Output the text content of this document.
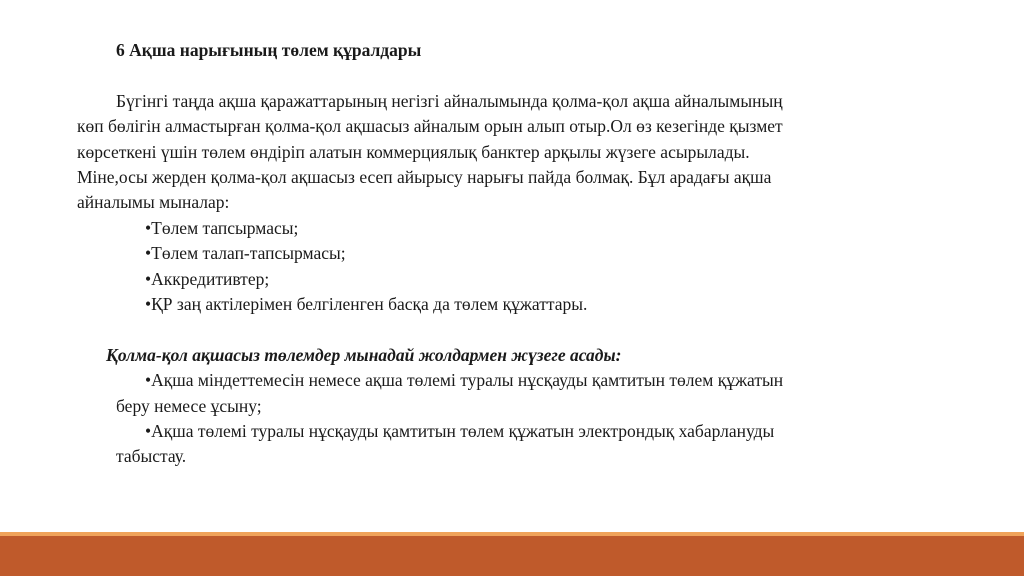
6 Ақша нарығының төлем құралдары
Бүгінгі таңда ақша қаражаттарының негізгі айналымында қолма-қол ақша айналымының
көп бөлігін алмастырған қолма-қол ақшасыз айналым орын алып отыр.Ол өз кезегінде қызмет
көрсеткені үшін төлем өндіріп алатын коммерциялық банктер арқылы жүзеге асырылады.
Міне,осы жерден қолма-қол ақшасыз есеп айырысу нарығы пайда болмақ. Бұл арадағы ақша
айналымы мыналар:
•Төлем тапсырмасы;
•Төлем талап-тапсырмасы;
•Аккредитивтер;
•ҚР заң актілерімен белгіленген басқа да төлем құжаттары.
Қолма-қол ақшасыз төлемдер мынадай жолдармен жүзеге асады:
•Ақша міндеттемесін немесе ақша төлемі туралы нұсқауды қамтитын төлем құжатын
беру немесе ұсыну;
•Ақша төлемі туралы нұсқауды қамтитын төлем құжатын электрондық хабарлануды
табыстау.
